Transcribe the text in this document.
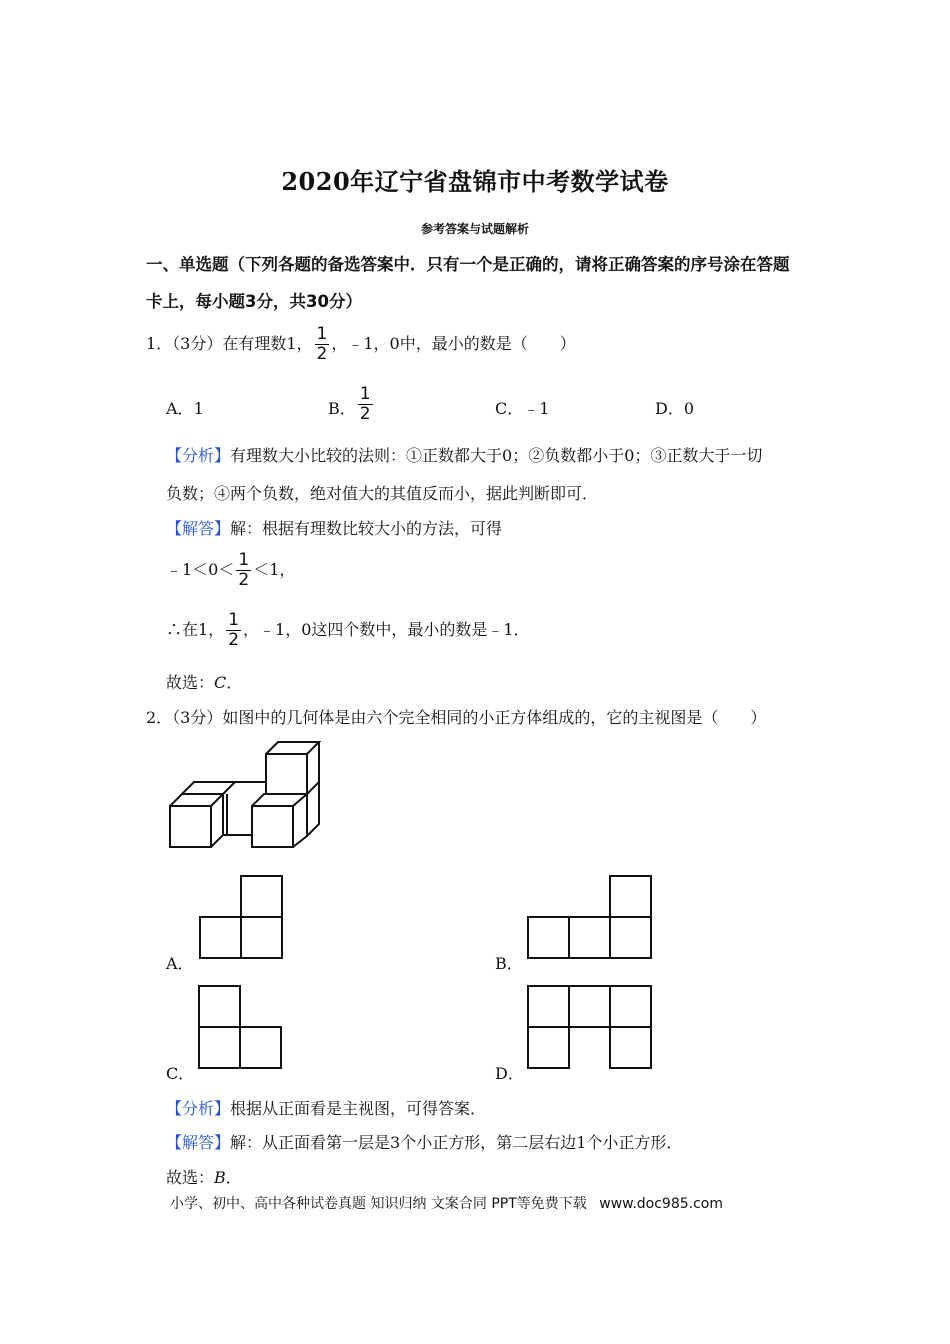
2020年辽宁省盘锦市中考数学试卷
参考答案与试题解析
一、单选题（下列各题的备选答案中．只有一个是正确的，请将正确答案的序号涂在答题
卡上，每小题3分，共30分）
1．（3分）在有理数1， $\frac{1}{2}$ ，﹣1，0中，最小的数是（　　）
A．1	B． $\frac{1}{2}$	C．﹣1	D．0
【分析】有理数大小比较的法则：①正数都大于0；②负数都小于0；③正数大于一切
负数；④两个负数，绝对值大的其值反而小，据此判断即可．
【解答】解：根据有理数比较大小的方法，可得
﹣1＜0＜ $\frac{1}{2} <1$，
∴在1， $\frac{1}{2}$ ，﹣1，0这四个数中，最小的数是﹣1．
故选：C．
2．（3分）如图中的几何体是由六个完全相同的小正方体组成的，它的主视图是（　　）
A．	B．
C．	D．
【分析】根据从正面看是主视图，可得答案．
【解答】解：从正面看第一层是3个小正方形，第二层右边1个小正方形．
故选：B．
小学、初中、高中各种试卷真题 知识归纳 文案合同 PPT等免费下载 www.doc985.com
